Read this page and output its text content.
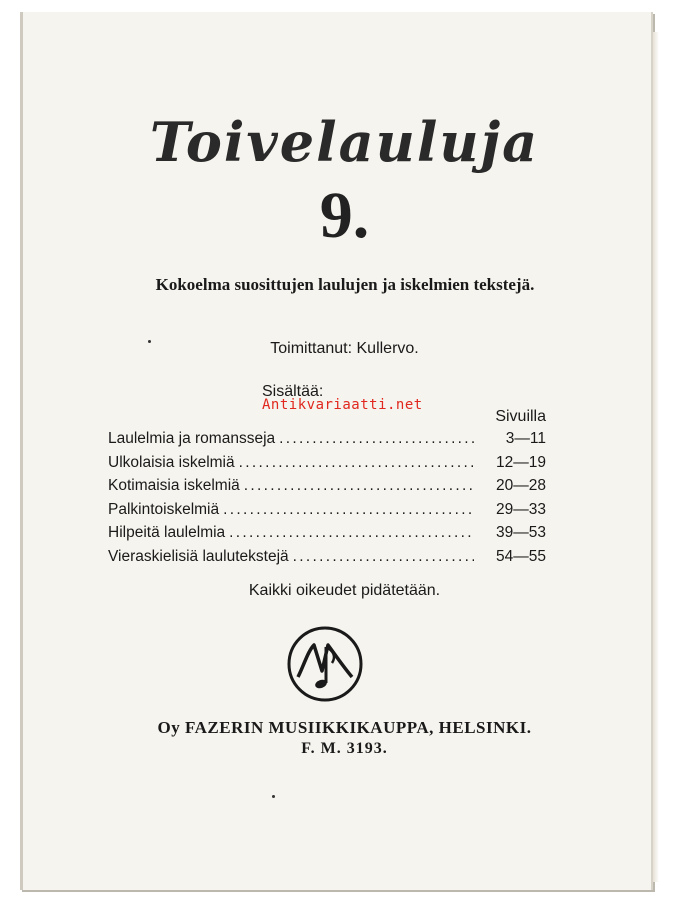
Toivelauluja
9.
Kokoelma suosittujen laulujen ja iskelmien tekstejä.
Toimittanut: Kullervo.
Sisältää:
Antikvariaatti.net
Sivuilla
Laulelmia ja romansseja . . .	3—11
Ulkolaisia iskelmiä . . .	12—19
Kotimaisia iskelmiä . . .	20—28
Palkintoiskelmiä . . .	29—33
Hilpeitä laulelmia . . .	39—53
Vieraskielisiä laulutekstejä . . .	54—55
Kaikki oikeudet pidätetään.
Oy FAZERIN MUSIIKKIKAUPPA, HELSINKI.
F. M. 3193.
